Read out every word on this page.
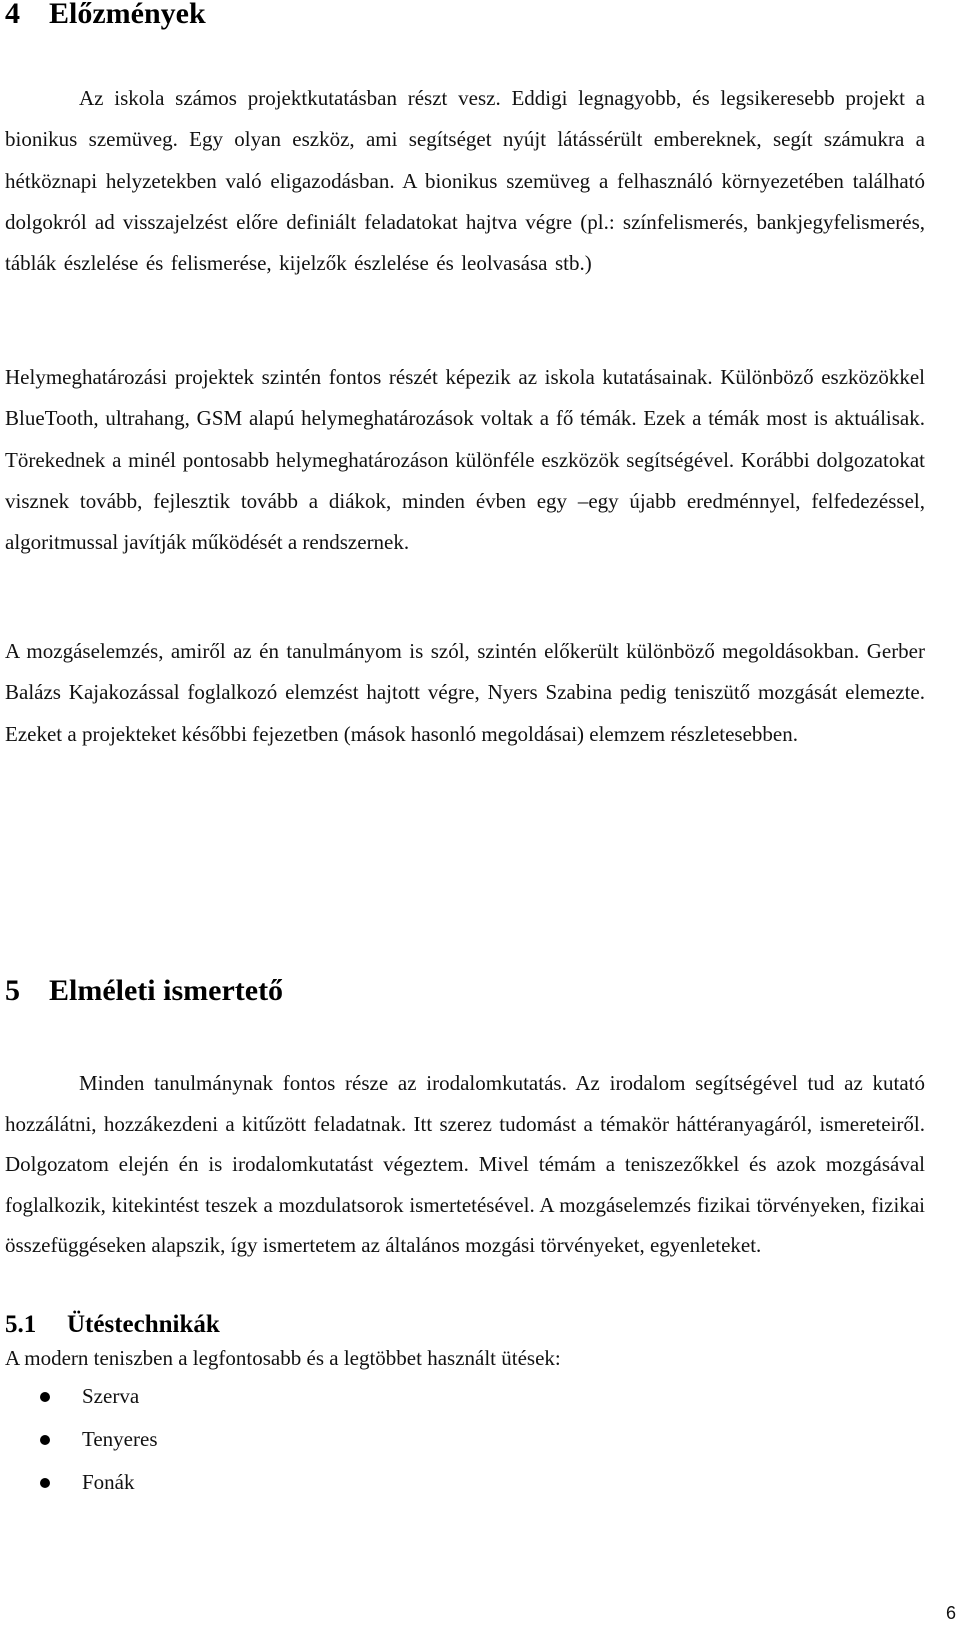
4 Előzmények

Az iskola számos projektkutatásban részt vesz. Eddigi legnagyobb, és legsikeresebb projekt a bionikus szemüveg. Egy olyan eszköz, ami segítséget nyújt látássérült embereknek, segít számukra a hétköznapi helyzetekben való eligazodásban. A bionikus szemüveg a felhasználó környezetében található dolgokról ad visszajelzést előre definiált feladatokat hajtva végre (pl.: színfelismerés, bankjegyfelismerés, táblák észlelése és felismerése, kijelzők észlelése és leolvasása stb.)

Helymeghatározási projektek szintén fontos részét képezik az iskola kutatásainak. Különböző eszközökkel BlueTooth, ultrahang, GSM alapú helymeghatározások voltak a fő témák. Ezek a témák most is aktuálisak. Törekednek a minél pontosabb helymeghatározáson különféle eszközök segítségével. Korábbi dolgozatokat visznek tovább, fejlesztik tovább a diákok, minden évben egy –egy újabb eredménnyel, felfedezéssel, algoritmussal javítják működését a rendszernek.

A mozgáselemzés, amiről az én tanulmányom is szól, szintén előkerült különböző megoldásokban. Gerber Balázs Kajakozással foglalkozó elemzést hajtott végre, Nyers Szabina pedig teniszütő mozgását elemezte. Ezeket a projekteket későbbi fejezetben (mások hasonló megoldásai) elemzem részletesebben.

5 Elméleti ismertető

Minden tanulmánynak fontos része az irodalomkutatás. Az irodalom segítségével tud az kutató hozzálátni, hozzákezdeni a kitűzött feladatnak. Itt szerez tudomást a témakör háttéranyagáról, ismereteiről. Dolgozatom elején én is irodalomkutatást végeztem. Mivel témám a teniszezőkkel és azok mozgásával foglalkozik, kitekintést teszek a mozdulatsorok ismertetésével. A mozgáselemzés fizikai törvényeken, fizikai összefüggéseken alapszik, így ismertetem az általános mozgási törvényeket, egyenleteket.

5.1 Ütéstechnikák

A modern teniszben a legfontosabb és a legtöbbet használt ütések:

Szerva
Tenyeres
Fonák
6
